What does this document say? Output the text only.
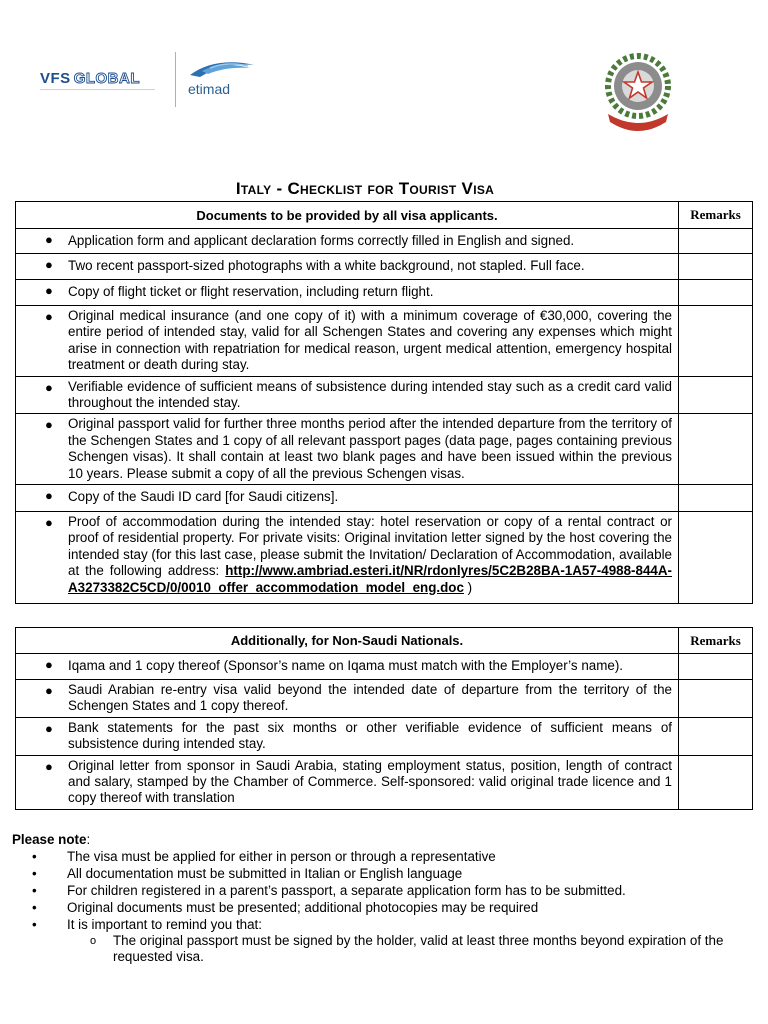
VFS GLOBAL
etimad
Italy - Checklist for Tourist Visa
Documents to be provided by all visa applicants.	Remarks

● Application form and applicant declaration forms correctly filled in English and signed.	

● Two recent passport-sized photographs with a white background, not stapled. Full face.	

● Copy of flight ticket or flight reservation, including return flight.	

● Original medical insurance (and one copy of it) with a minimum coverage of €30,000, covering the entire period of intended stay, valid for all Schengen States and covering any expenses which might arise in connection with repatriation for medical reason, urgent medical attention, emergency hospital treatment or death during stay.	

● Verifiable evidence of sufficient means of subsistence during intended stay such as a credit card valid throughout the intended stay.	

● Original passport valid for further three months period after the intended departure from the territory of the Schengen States and 1 copy of all relevant passport pages (data page, pages containing previous Schengen visas). It shall contain at least two blank pages and have been issued within the previous 10 years. Please submit a copy of all the previous Schengen visas.	

● Copy of the Saudi ID card [for Saudi citizens].	

● Proof of accommodation during the intended stay: hotel reservation or copy of a rental contract or proof of residential property. For private visits: Original invitation letter signed by the host covering the intended stay (for this last case, please submit the Invitation/ Declaration of Accommodation, available at the following address: http://www.ambriad.esteri.it/NR/rdonlyres/5C2B28BA-1A57-4988-844A-A3273382C5CD/0/0010_offer_accommodation_model_eng.doc )	

Additionally, for Non-Saudi Nationals.	Remarks

● Iqama and 1 copy thereof (Sponsor’s name on Iqama must match with the Employer’s name).	

● Saudi Arabian re-entry visa valid beyond the intended date of departure from the territory of the Schengen States and 1 copy thereof.	

● Bank statements for the past six months or other verifiable evidence of sufficient means of subsistence during intended stay.	

● Original letter from sponsor in Saudi Arabia, stating employment status, position, length of contract and salary, stamped by the Chamber of Commerce. Self-sponsored: valid original trade licence and 1 copy thereof with translation	

Please note:
• The visa must be applied for either in person or through a representative
• All documentation must be submitted in Italian or English language
• For children registered in a parent’s passport, a separate application form has to be submitted.
• Original documents must be presented; additional photocopies may be required
• It is important to remind you that:
o The original passport must be signed by the holder, valid at least three months beyond expiration of the requested visa.
